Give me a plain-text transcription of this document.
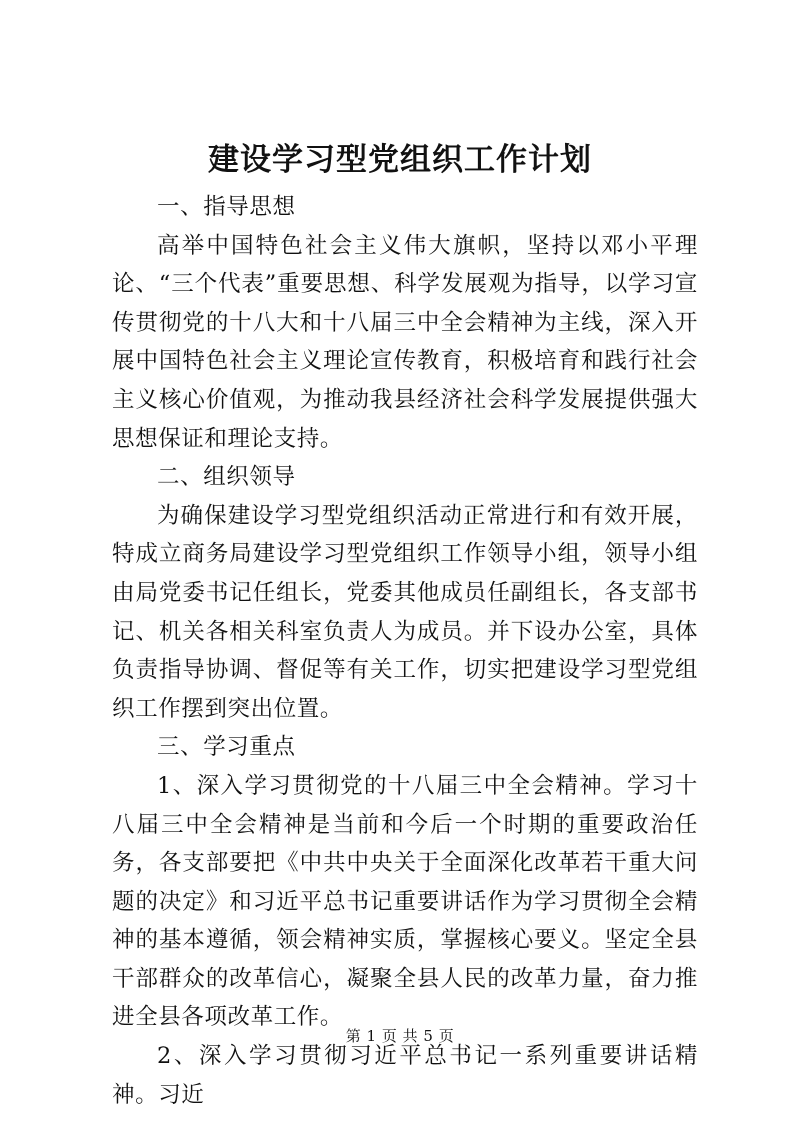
建设学习型党组织工作计划

一、指导思想

高举中国特色社会主义伟大旗帜，坚持以邓小平理论、“三个代表”重要思想、科学发展观为指导，以学习宣传贯彻党的十八大和十八届三中全会精神为主线，深入开展中国特色社会主义理论宣传教育，积极培育和践行社会主义核心价值观，为推动我县经济社会科学发展提供强大思想保证和理论支持。

二、组织领导

为确保建设学习型党组织活动正常进行和有效开展，特成立商务局建设学习型党组织工作领导小组，领导小组由局党委书记任组长，党委其他成员任副组长，各支部书记、机关各相关科室负责人为成员。并下设办公室，具体负责指导协调、督促等有关工作，切实把建设学习型党组织工作摆到突出位置。

三、学习重点

1、深入学习贯彻党的十八届三中全会精神。学习十八届三中全会精神是当前和今后一个时期的重要政治任务，各支部要把《中共中央关于全面深化改革若干重大问题的决定》和习近平总书记重要讲话作为学习贯彻全会精神的基本遵循，领会精神实质，掌握核心要义。坚定全县干部群众的改革信心，凝聚全县人民的改革力量，奋力推进全县各项改革工作。

2、深入学习贯彻习近平总书记一系列重要讲话精神。习近

第 1 页 共 5 页
